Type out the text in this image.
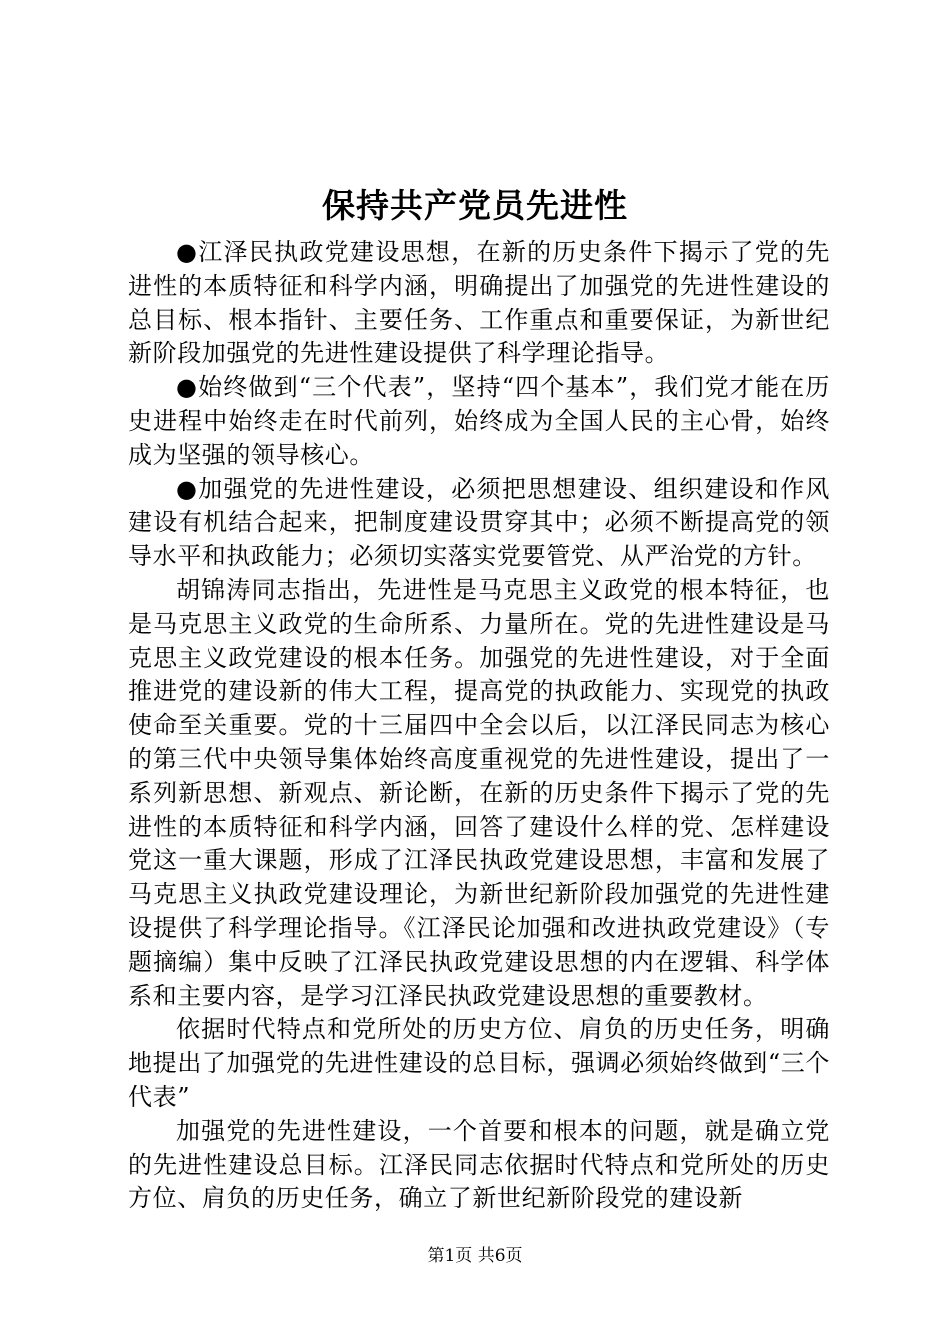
保持共产党员先进性

●江泽民执政党建设思想，在新的历史条件下揭示了党的先进性的本质特征和科学内涵，明确提出了加强党的先进性建设的总目标、根本指针、主要任务、工作重点和重要保证，为新世纪新阶段加强党的先进性建设提供了科学理论指导。

●始终做到“三个代表”，坚持“四个基本”，我们党才能在历史进程中始终走在时代前列，始终成为全国人民的主心骨，始终成为坚强的领导核心。

●加强党的先进性建设，必须把思想建设、组织建设和作风建设有机结合起来，把制度建设贯穿其中；必须不断提高党的领导水平和执政能力；必须切实落实党要管党、从严治党的方针。

胡锦涛同志指出，先进性是马克思主义政党的根本特征，也是马克思主义政党的生命所系、力量所在。党的先进性建设是马克思主义政党建设的根本任务。加强党的先进性建设，对于全面推进党的建设新的伟大工程，提高党的执政能力、实现党的执政使命至关重要。党的十三届四中全会以后，以江泽民同志为核心的第三代中央领导集体始终高度重视党的先进性建设，提出了一系列新思想、新观点、新论断，在新的历史条件下揭示了党的先进性的本质特征和科学内涵，回答了建设什么样的党、怎样建设党这一重大课题，形成了江泽民执政党建设思想，丰富和发展了马克思主义执政党建设理论，为新世纪新阶段加强党的先进性建设提供了科学理论指导。《江泽民论加强和改进执政党建设》（专题摘编）集中反映了江泽民执政党建设思想的内在逻辑、科学体系和主要内容，是学习江泽民执政党建设思想的重要教材。

依据时代特点和党所处的历史方位、肩负的历史任务，明确地提出了加强党的先进性建设的总目标，强调必须始终做到“三个代表”

加强党的先进性建设，一个首要和根本的问题，就是确立党的先进性建设总目标。江泽民同志依据时代特点和党所处的历史方位、肩负的历史任务，确立了新世纪新阶段党的建设新

第1页 共6页
